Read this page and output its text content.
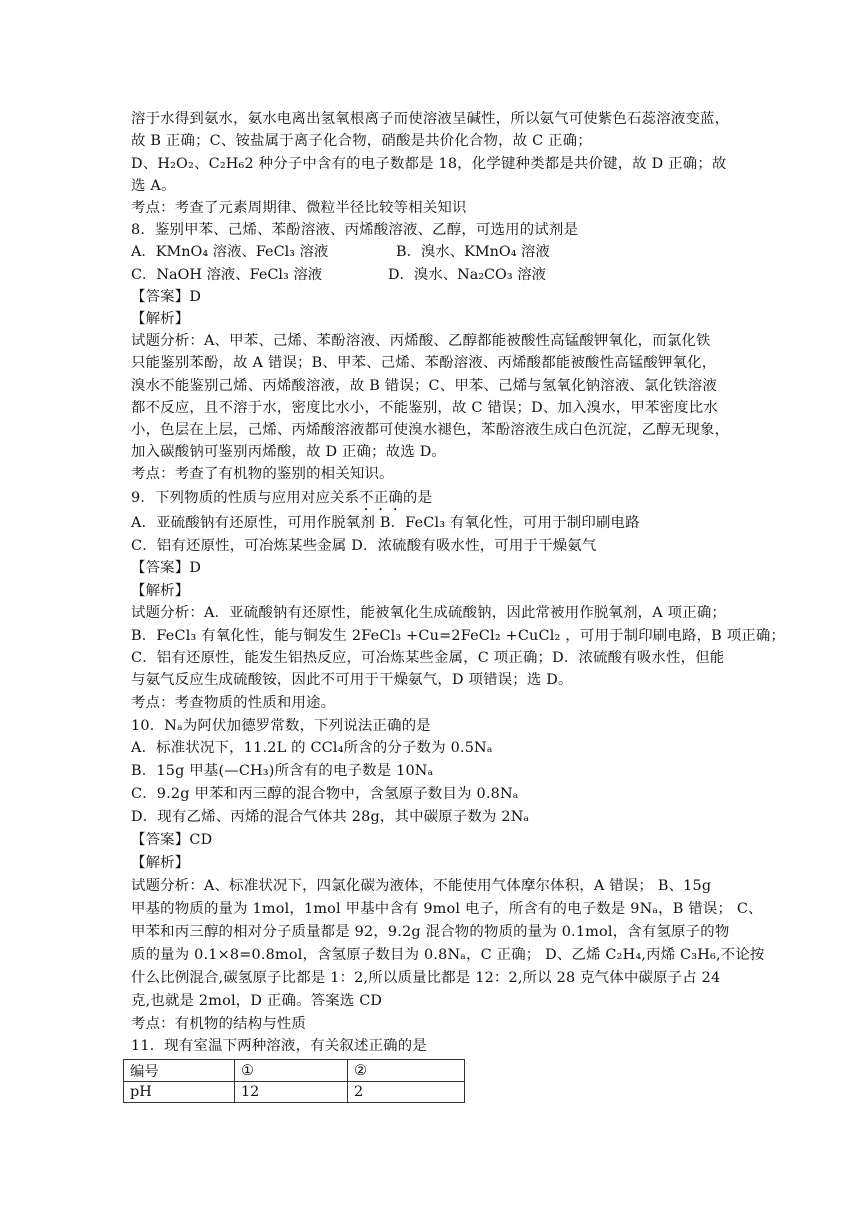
溶于水得到氨水，氨水电离出氢氧根离子而使溶液呈碱性，所以氨气可使紫色石蕊溶液变蓝，
故 B 正确；C、铵盐属于离子化合物，硝酸是共价化合物，故 C 正确；
D、H₂O₂、C₂H₆2 种分子中含有的电子数都是 18，化学键种类都是共价键，故 D 正确；故
选 A。
考点：考查了元素周期律、微粒半径比较等相关知识
8．鉴别甲苯、己烯、苯酚溶液、丙烯酸溶液、乙醇，可选用的试剂是
A．KMnO₄ 溶液、FeCl₃ 溶液	B．溴水、KMnO₄ 溶液
C．NaOH 溶液、FeCl₃ 溶液	D．溴水、Na₂CO₃ 溶液
【答案】D
【解析】
试题分析：A、甲苯、己烯、苯酚溶液、丙烯酸、乙醇都能被酸性高锰酸钾氧化，而氯化铁
只能鉴别苯酚，故 A 错误；B、甲苯、己烯、苯酚溶液、丙烯酸都能被酸性高锰酸钾氧化，
溴水不能鉴别己烯、丙烯酸溶液，故 B 错误；C、甲苯、己烯与氢氧化钠溶液、氯化铁溶液
都不反应，且不溶于水，密度比水小，不能鉴别，故 C 错误；D、加入溴水，甲苯密度比水
小，色层在上层，己烯、丙烯酸溶液都可使溴水褪色，苯酚溶液生成白色沉淀，乙醇无现象，
加入碳酸钠可鉴别丙烯酸，故 D 正确；故选 D。
考点：考查了有机物的鉴别的相关知识。
9．下列物质的性质与应用对应关系不正确的是
A．亚硫酸钠有还原性，可用作脱氧剂 B．FeCl₃ 有氧化性，可用于制印刷电路
C．铝有还原性，可冶炼某些金属 D．浓硫酸有吸水性，可用于干燥氨气
【答案】D
【解析】
试题分析：A．亚硫酸钠有还原性，能被氧化生成硫酸钠，因此常被用作脱氧剂，A 项正确；
B．FeCl₃ 有氧化性，能与铜发生 2FeCl₃ +Cu=2FeCl₂ +CuCl₂ ，可用于制印刷电路，B 项正确；
C．铝有还原性，能发生铝热反应，可冶炼某些金属，C 项正确；D．浓硫酸有吸水性，但能
与氨气反应生成硫酸铵，因此不可用于干燥氨气，D 项错误；选 D。
考点：考查物质的性质和用途。
10．Nₐ为阿伏加德罗常数，下列说法正确的是
A．标准状况下，11.2L 的 CCl₄所含的分子数为 0.5Nₐ
B．15g 甲基(—CH₃)所含有的电子数是 10Nₐ
C．9.2g 甲苯和丙三醇的混合物中，含氢原子数目为 0.8Nₐ
D．现有乙烯、丙烯的混合气体共 28g，其中碳原子数为 2Nₐ
【答案】CD
【解析】
试题分析：A、标准状况下，四氯化碳为液体，不能使用气体摩尔体积，A 错误； B、15g
甲基的物质的量为 1mol，1mol 甲基中含有 9mol 电子，所含有的电子数是 9Nₐ，B 错误； C、
甲苯和丙三醇的相对分子质量都是 92，9.2g 混合物的物质的量为 0.1mol，含有氢原子的物
质的量为 0.1×8=0.8mol，含氢原子数目为 0.8Nₐ，C 正确； D、乙烯 C₂H₄,丙烯 C₃H₆,不论按
什么比例混合,碳氢原子比都是 1：2,所以质量比都是 12：2,所以 28 克气体中碳原子占 24
克,也就是 2mol，D 正确。答案选 CD
考点：有机物的结构与性质
11．现有室温下两种溶液，有关叙述正确的是
编号	①	②
pH	12	2
